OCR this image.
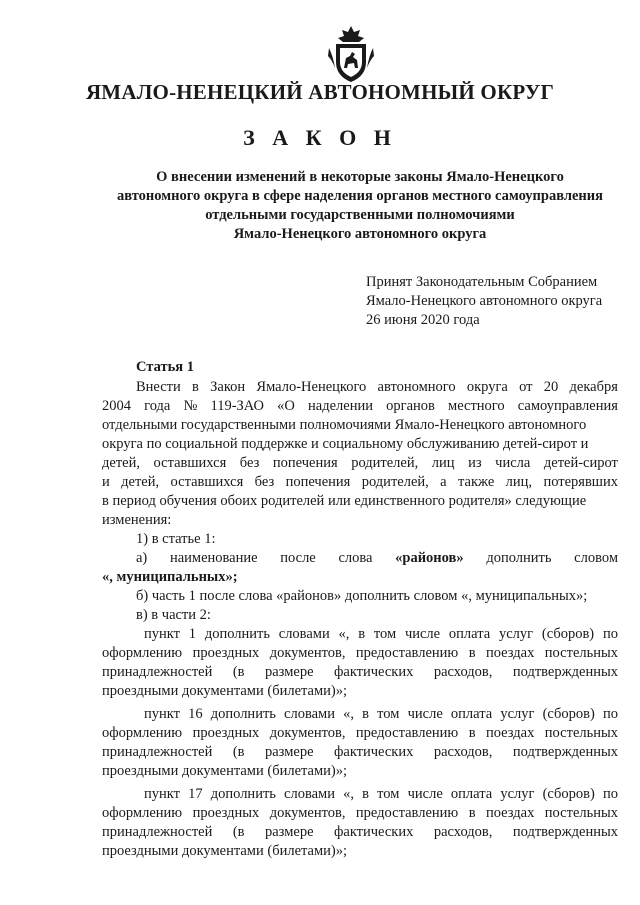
ЯМАЛО-НЕНЕЦКИЙ АВТОНОМНЫЙ ОКРУГ
З А К О Н
О внесении изменений в некоторые законы Ямало-Ненецкого
автономного округа в сфере наделения органов местного самоуправления
отдельными государственными полномочиями
Ямало-Ненецкого автономного округа
Принят Законодательным Собранием
Ямало-Ненецкого автономного округа
26 июня 2020 года
Статья 1
Внести в Закон Ямало-Ненецкого автономного округа от 20 декабря
2004 года № 119-ЗАО «О наделении органов местного самоуправления
отдельными государственными полномочиями Ямало-Ненецкого автономного
округа по социальной поддержке и социальному обслуживанию детей-сирот и
детей, оставшихся без попечения родителей, лиц из числа детей-сирот
и детей, оставшихся без попечения родителей, а также лиц, потерявших
в период обучения обоих родителей или единственного родителя» следующие
изменения:
1) в статье 1:
а) наименование после слова «районов» дополнить словом
«, муниципальных»;
б) часть 1 после слова «районов» дополнить словом «, муниципальных»;
в) в части 2:
пункт 1 дополнить словами «, в том числе оплата услуг (сборов) по
оформлению проездных документов, предоставлению в поездах постельных
принадлежностей (в размере фактических расходов, подтвержденных
проездными документами (билетами)»;
пункт 16 дополнить словами «, в том числе оплата услуг (сборов) по
оформлению проездных документов, предоставлению в поездах постельных
принадлежностей (в размере фактических расходов, подтвержденных
проездными документами (билетами)»;
пункт 17 дополнить словами «, в том числе оплата услуг (сборов) по
оформлению проездных документов, предоставлению в поездах постельных
принадлежностей (в размере фактических расходов, подтвержденных
проездными документами (билетами)»;
